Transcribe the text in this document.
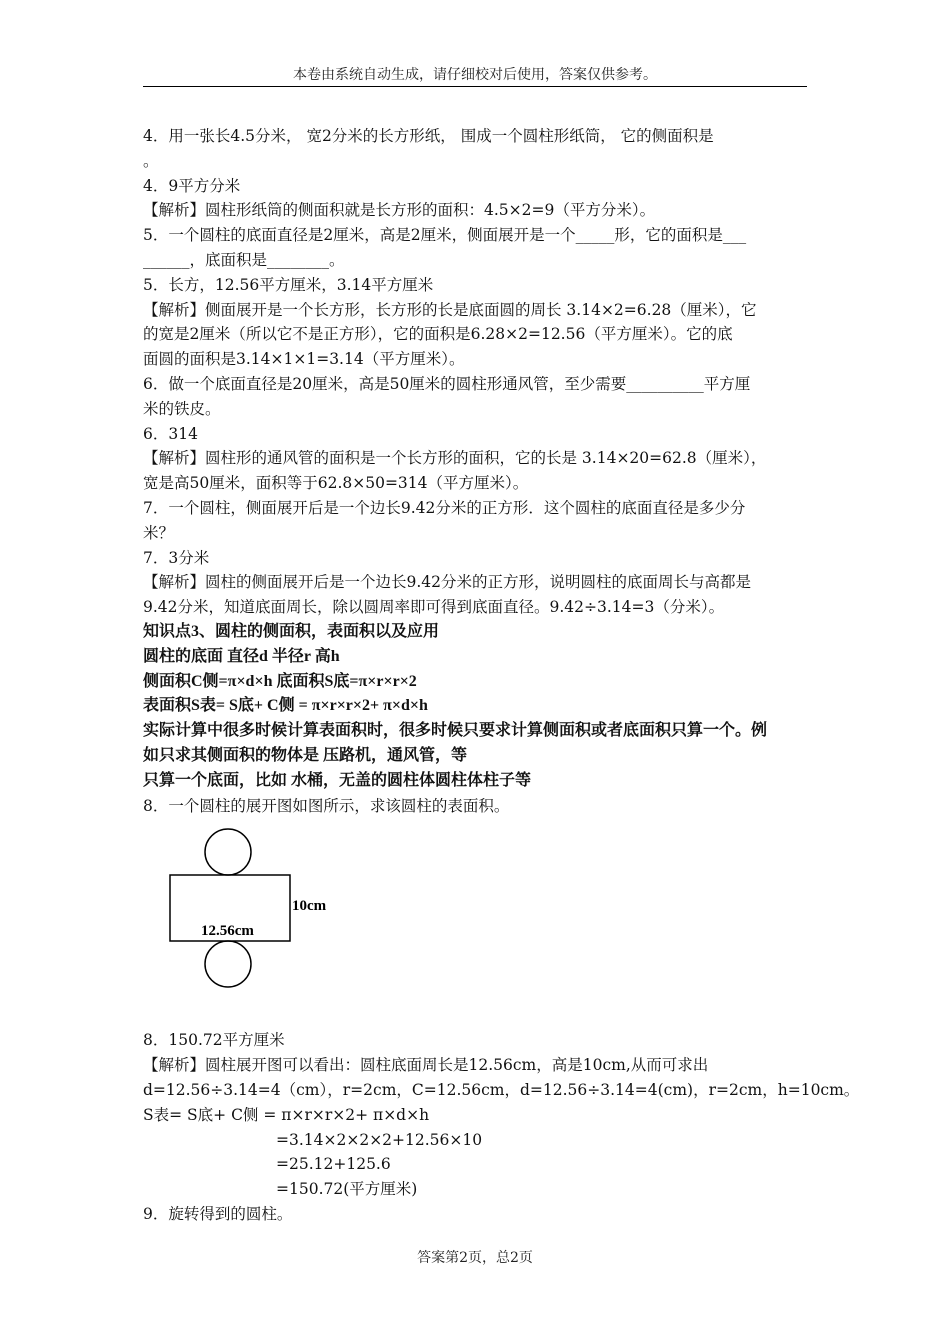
本卷由系统自动生成，请仔细校对后使用，答案仅供参考。
4．用一张长4.5分米， 宽2分米的长方形纸， 围成一个圆柱形纸筒， 它的侧面积是
。
4．9平方分米
【解析】圆柱形纸筒的侧面积就是长方形的面积：4.5×2=9（平方分米）。
5．一个圆柱的底面直径是2厘米，高是2厘米，侧面展开是一个_____形，它的面积是___
______，底面积是________。
5．长方，12.56平方厘米，3.14平方厘米
【解析】侧面展开是一个长方形，长方形的长是底面圆的周长 3.14×2=6.28（厘米），它
的宽是2厘米（所以它不是正方形），它的面积是6.28×2=12.56（平方厘米）。它的底
面圆的面积是3.14×1×1=3.14（平方厘米）。
6．做一个底面直径是20厘米，高是50厘米的圆柱形通风管，至少需要__________平方厘
米的铁皮。
6．314
【解析】圆柱形的通风管的面积是一个长方形的面积，它的长是 3.14×20=62.8（厘米），
宽是高50厘米，面积等于62.8×50=314（平方厘米）。
7．一个圆柱，侧面展开后是一个边长9.42分米的正方形．这个圆柱的底面直径是多少分
米？
7．3分米
【解析】圆柱的侧面展开后是一个边长9.42分米的正方形，说明圆柱的底面周长与高都是
9.42分米，知道底面周长，除以圆周率即可得到底面直径。9.42÷3.14=3（分米）。
知识点3、圆柱的侧面积，表面积以及应用
圆柱的底面 直径d 半径r 高h
侧面积C侧=π×d×h 底面积S底=π×r×r×2
表面积S表= S底+ C侧 = π×r×r×2+ π×d×h
实际计算中很多时候计算表面积时，很多时候只要求计算侧面积或者底面积只算一个。例
如只求其侧面积的物体是 压路机，通风管，等
只算一个底面，比如 水桶，无盖的圆柱体圆柱体柱子等
8．一个圆柱的展开图如图所示，求该圆柱的表面积。
10cm
12.56cm
8．150.72平方厘米
【解析】圆柱展开图可以看出：圆柱底面周长是12.56cm，高是10cm,从而可求出
d=12.56÷3.14=4（cm），r=2cm，C=12.56cm，d=12.56÷3.14=4(cm)，r=2cm，h=10cm。
S表= S底+ C侧 = π×r×r×2+ π×d×h
=3.14×2×2×2+12.56×10
=25.12+125.6
=150.72(平方厘米)
9．旋转得到的圆柱。
答案第2页，总2页
